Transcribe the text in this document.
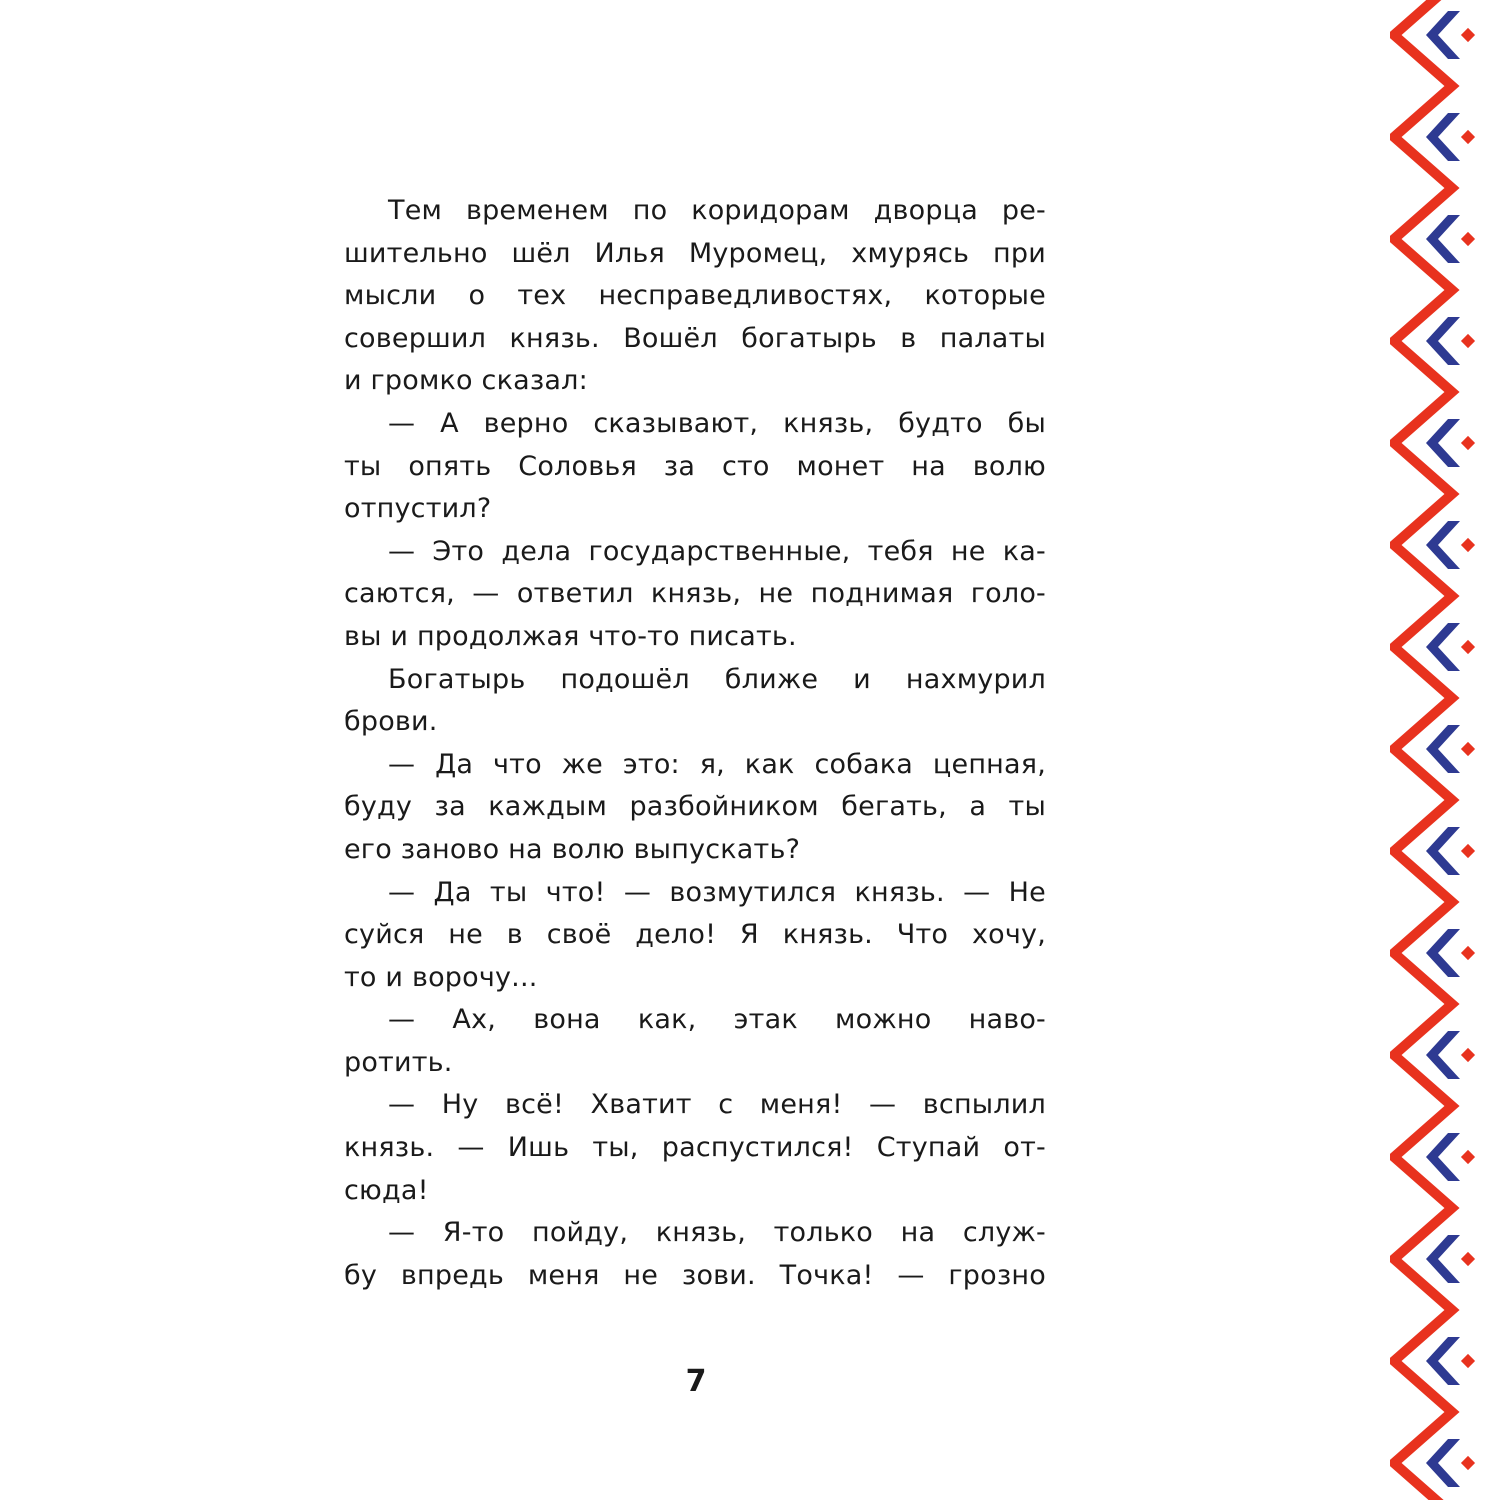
Тем временем по коридорам дворца ре-
шительно шёл Илья Муромец, хмурясь при
мысли о тех несправедливостях, которые
совершил князь. Вошёл богатырь в палаты
и громко сказал:
— А верно сказывают, князь, будто бы
ты опять Соловья за сто монет на волю
отпустил?
— Это дела государственные, тебя не ка-
саются, — ответил князь, не поднимая голо-
вы и продолжая что-то писать.
Богатырь подошёл ближе и нахмурил
брови.
— Да что же это: я, как собака цепная,
буду за каждым разбойником бегать, а ты
его заново на волю выпускать?
— Да ты что! — возмутился князь. — Не
суйся не в своё дело! Я князь. Что хочу,
то и ворочу...
— Ах, вона как, этак можно наво-
ротить.
— Ну всё! Хватит с меня! — вспылил
князь. — Ишь ты, распустился! Ступай от-
сюда!
— Я-то пойду, князь, только на служ-
бу впредь меня не зови. Точка! — грозно
7
